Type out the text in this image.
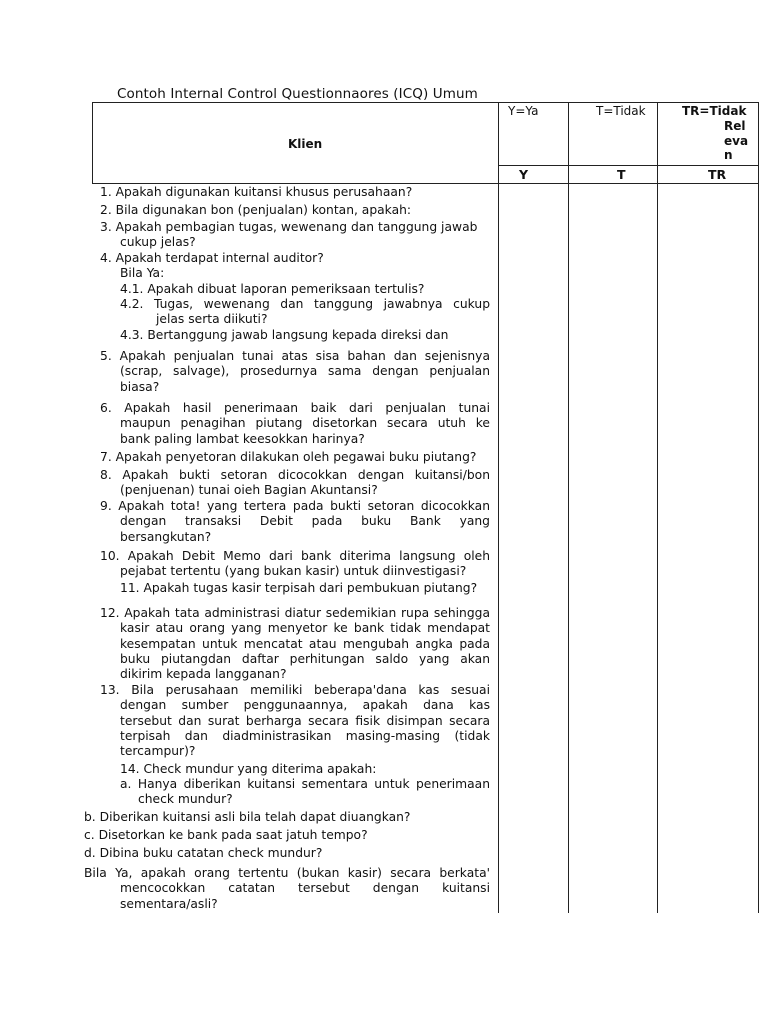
Contoh Internal Control Questionnaores (ICQ) Umum
Klien
Y=Ya	T=Tidak	TR=Tidak
Rel
eva
n
Y	T	TR
1. Apakah digunakan kuitansi khusus perusahaan?
2. Bila digunakan bon (penjualan) kontan, apakah:
3. Apakah pembagian tugas, wewenang dan tanggung jawab
cukup jelas?
4. Apakah terdapat internal auditor?
Bila Ya:
4.1. Apakah dibuat laporan pemeriksaan tertulis?
4.2. Tugas, wewenang dan tanggung jawabnya cukup
jelas serta diikuti?
4.3. Bertanggung jawab langsung kepada direksi dan
5. Apakah penjualan tunai atas sisa bahan dan sejenisnya
(scrap, salvage), prosedurnya sama dengan penjualan
biasa?
6. Apakah hasil penerimaan baik dari penjualan tunai
maupun penagihan piutang disetorkan secara utuh ke
bank paling lambat keesokkan harinya?
7. Apakah penyetoran dilakukan oleh pegawai buku piutang?
8. Apakah bukti setoran dicocokkan dengan kuitansi/bon
(penjuenan) tunai oieh Bagian Akuntansi?
9. Apakah tota! yang tertera pada bukti setoran dicocokkan
dengan transaksi Debit pada buku Bank yang
bersangkutan?
10. Apakah Debit Memo dari bank diterima langsung oleh
pejabat tertentu (yang bukan kasir) untuk diinvestigasi?
11. Apakah tugas kasir terpisah dari pembukuan piutang?
12. Apakah tata administrasi diatur sedemikian rupa sehingga
kasir atau orang yang menyetor ke bank tidak mendapat
kesempatan untuk mencatat atau mengubah angka pada
buku piutangdan daftar perhitungan saldo yang akan
dikirim kepada langganan?
13. Bila perusahaan memiliki beberapa'dana kas sesuai
dengan sumber penggunaannya, apakah dana kas
tersebut dan surat berharga secara fisik disimpan secara
terpisah dan diadministrasikan masing-masing (tidak
tercampur)?
14. Check mundur yang diterima apakah:
a. Hanya diberikan kuitansi sementara untuk penerimaan
check mundur?
b. Diberikan kuitansi asli bila telah dapat diuangkan?
c. Disetorkan ke bank pada saat jatuh tempo?
d. Dibina buku catatan check mundur?
Bila Ya, apakah orang tertentu (bukan kasir) secara berkata'
mencocokkan catatan tersebut dengan kuitansi
sementara/asli?
